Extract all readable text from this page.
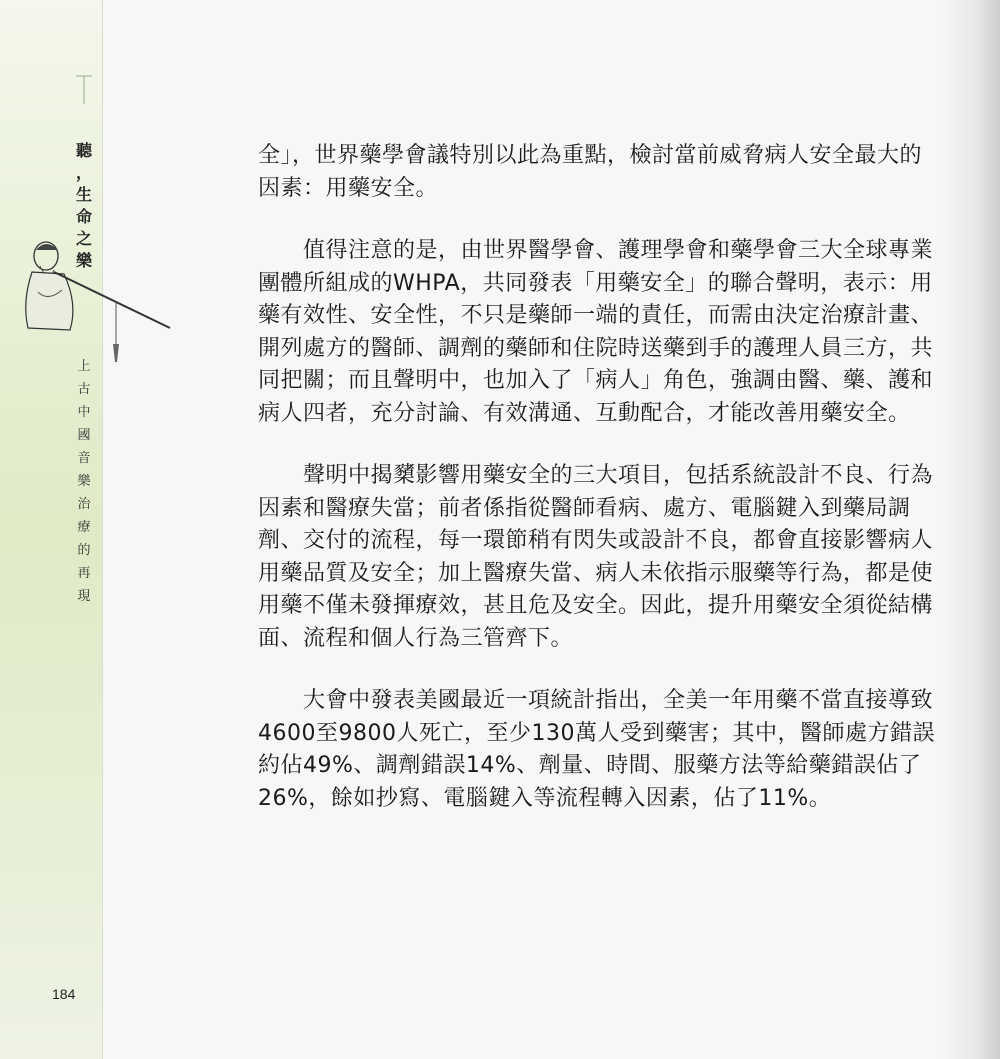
聽
，
生
命
之
樂
上
古
中
國
音
樂
治
療
的
再
現
184

全」，世界藥學會議特別以此為重點，檢討當前威脅病人安全最大的因素：用藥安全。

值得注意的是，由世界醫學會、護理學會和藥學會三大全球專業團體所組成的WHPA，共同發表「用藥安全」的聯合聲明，表示：用藥有效性、安全性，不只是藥師一端的責任，而需由決定治療計畫、開列處方的醫師、調劑的藥師和住院時送藥到手的護理人員三方，共同把關；而且聲明中，也加入了「病人」角色，強調由醫、藥、護和病人四者，充分討論、有效溝通、互動配合，才能改善用藥安全。

聲明中揭櫫影響用藥安全的三大項目，包括系統設計不良、行為因素和醫療失當；前者係指從醫師看病、處方、電腦鍵入到藥局調劑、交付的流程，每一環節稍有閃失或設計不良，都會直接影響病人用藥品質及安全；加上醫療失當、病人未依指示服藥等行為，都是使用藥不僅未發揮療效，甚且危及安全。因此，提升用藥安全須從結構面、流程和個人行為三管齊下。

大會中發表美國最近一項統計指出，全美一年用藥不當直接導致4600至9800人死亡，至少130萬人受到藥害；其中，醫師處方錯誤約佔49%、調劑錯誤14%、劑量、時間、服藥方法等給藥錯誤佔了26%，餘如抄寫、電腦鍵入等流程轉入因素，佔了11%。
